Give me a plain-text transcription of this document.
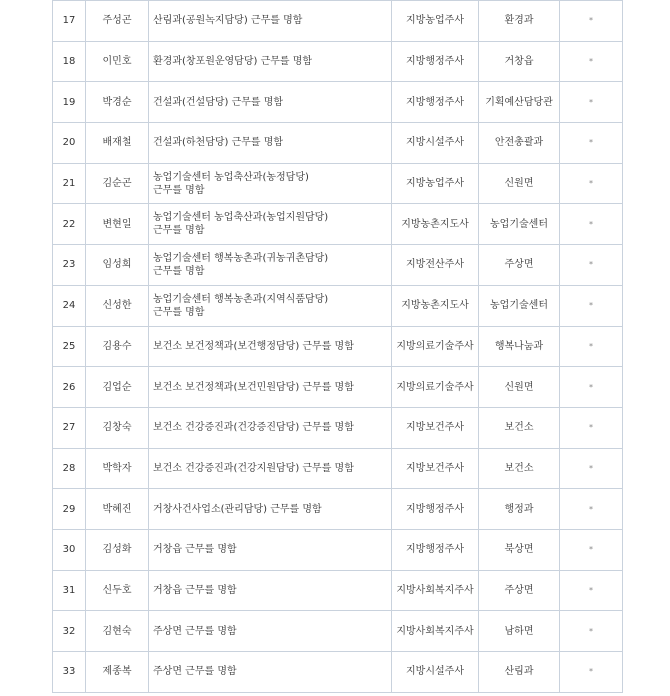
17	주성곤	산림과(공원녹지담당) 근무를 명함	지방농업주사	환경과	*
18	이민호	환경과(창포원운영담당) 근무를 명함	지방행정주사	거창읍	*
19	박경순	건설과(건설담당) 근무를 명함	지방행정주사	기획예산담당관	*
20	배재철	건설과(하천담당) 근무를 명함	지방시설주사	안전총괄과	*
21	김순곤	농업기술센터 농업축산과(농정담당)
근무를 명함	지방농업주사	신원면	*
22	변현일	농업기술센터 농업축산과(농업지원담당)
근무를 명함	지방농촌지도사	농업기술센터	*
23	임성희	농업기술센터 행복농촌과(귀농귀촌담당)
근무를 명함	지방전산주사	주상면	*
24	신성한	농업기술센터 행복농촌과(지역식품담당)
근무를 명함	지방농촌지도사	농업기술센터	*
25	김용수	보건소 보건정책과(보건행정담당) 근무를 명함	지방의료기술주사	행복나눔과	*
26	김업순	보건소 보건정책과(보건민원담당) 근무를 명함	지방의료기술주사	신원면	*
27	김창숙	보건소 건강증진과(건강증진담당) 근무를 명함	지방보건주사	보건소	*
28	박학자	보건소 건강증진과(건강지원담당) 근무를 명함	지방보건주사	보건소	*
29	박혜진	거창사건사업소(관리담당) 근무를 명함	지방행정주사	행정과	*
30	김성화	거창읍 근무를 명함	지방행정주사	북상면	*
31	신두호	거창읍 근무를 명함	지방사회복지주사	주상면	*
32	김현숙	주상면 근무를 명함	지방사회복지주사	남하면	*
33	제종복	주상면 근무를 명함	지방시설주사	산림과	*
